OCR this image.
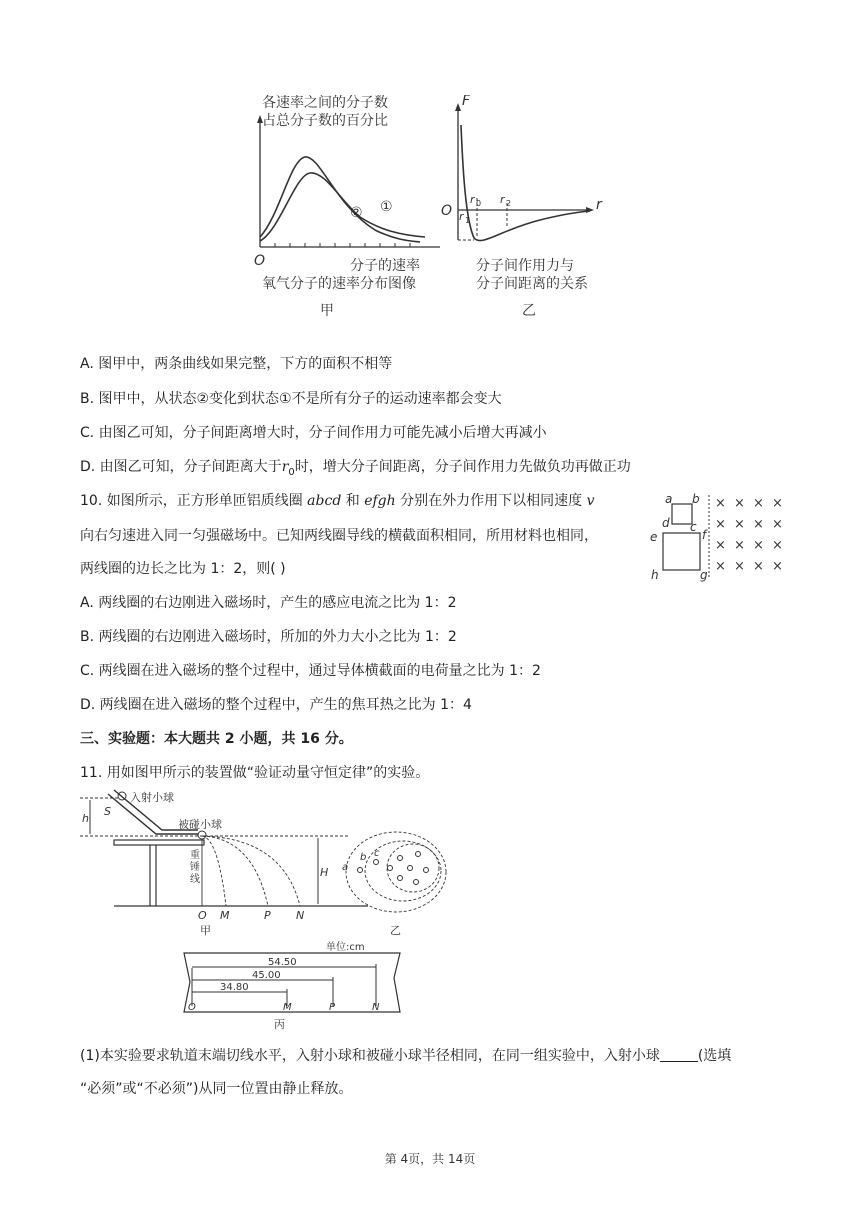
各速率之间的分子数
占总分子数的百分比
O
② ①
分子的速率
氧气分子的速率分布图像
甲
F
r
O
r 0
r 1
r 2
分子间作用力与
分子间距离的关系
乙
A. 图甲中，两条曲线如果完整，下方的面积不相等
B. 图甲中，从状态②变化到状态①不是所有分子的运动速率都会变大
C. 由图乙可知，分子间距离增大时，分子间作用力可能先减小后增大再减小
D. 由图乙可知，分子间距离大于$r_0$时，增大分子间距离，分子间作用力先做负功再做正功
10. 如图所示，正方形单匝铝质线圈 abcd 和 efgh 分别在外力作用下以相同速度 v
向右匀速进入同一匀强磁场中。已知两线圈导线的横截面积相同，所用材料也相同，
两线圈的边长之比为 1：2，则( )
a b
c
d
e	f
g
h
× × × ×
× × × ×
× × × ×
× × × ×
A. 两线圈的右边刚进入磁场时，产生的感应电流之比为 1：2
B. 两线圈的右边刚进入磁场时，所加的外力大小之比为 1：2
C. 两线圈在进入磁场的整个过程中，通过导体横截面的电荷量之比为 1：2
D. 两线圈在进入磁场的整个过程中，产生的焦耳热之比为 1：4
三、实验题：本大题共 2 小题，共 16 分。
11. 用如图甲所示的装置做“验证动量守恒定律”的实验。
h
S
入射小球
被碰小球
重
锤
线
H
O M	P N
甲
a
b c
乙
单位:cm
54.50
45.00
34.80
O	M	P	N
丙
(1)本实验要求轨道末端切线水平，入射小球和被碰小球半径相同，在同一组实验中，入射小球	(选填
“必须”或“不必须”)从同一位置由静止释放。
第 4页，共 14页
